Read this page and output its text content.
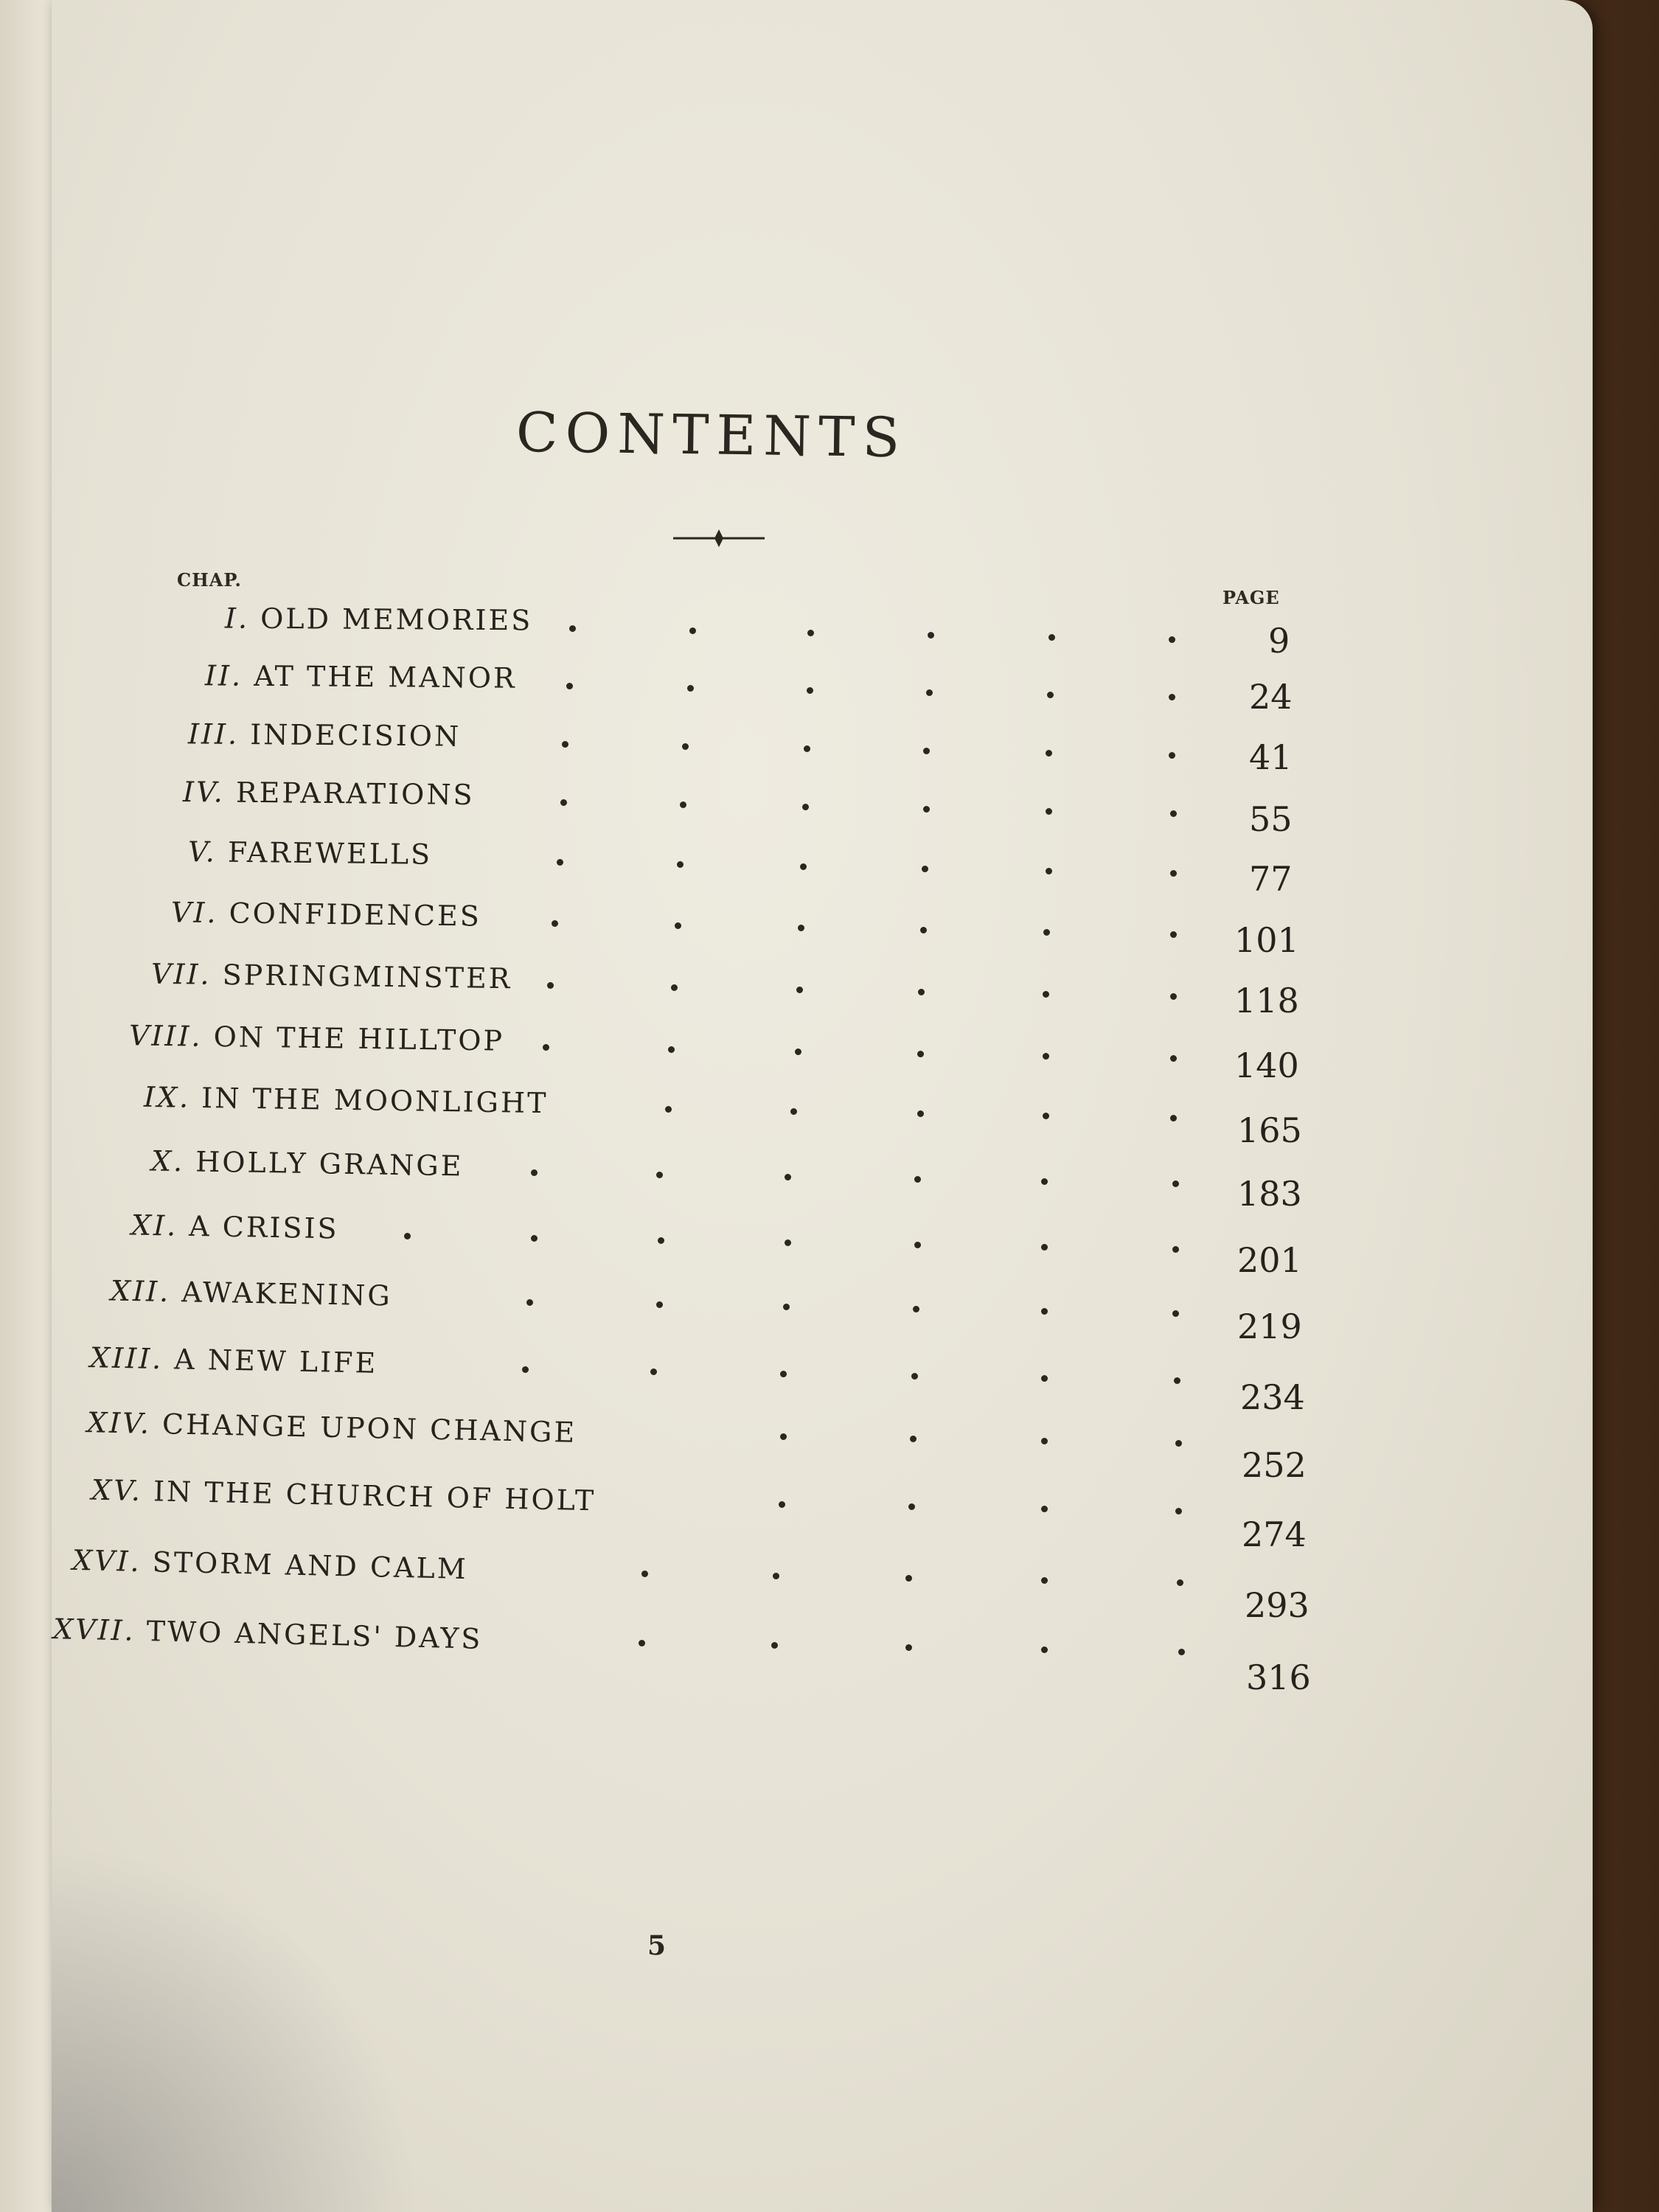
CONTENTS
CHAP.
PAGE
I. OLD MEMORIES
9
II. AT THE MANOR	24
III. INDECISION
41
IV. REPARATIONS
55
V. FAREWELLS
77
VI. CONFIDENCES
101
VII. SPRINGMINSTER
118
VIII. ON THE HILLTOP
140
IX. IN THE MOONLIGHT
165
X. HOLLY GRANGE
183
XI. A CRISIS
201
XII. AWAKENING
219
XIII. A NEW LIFE
234
XIV. CHANGE UPON CHANGE
252
XV. IN THE CHURCH OF HOLT
274
XVI. STORM AND CALM
293
XVII. TWO ANGELS' DAYS
316
5
